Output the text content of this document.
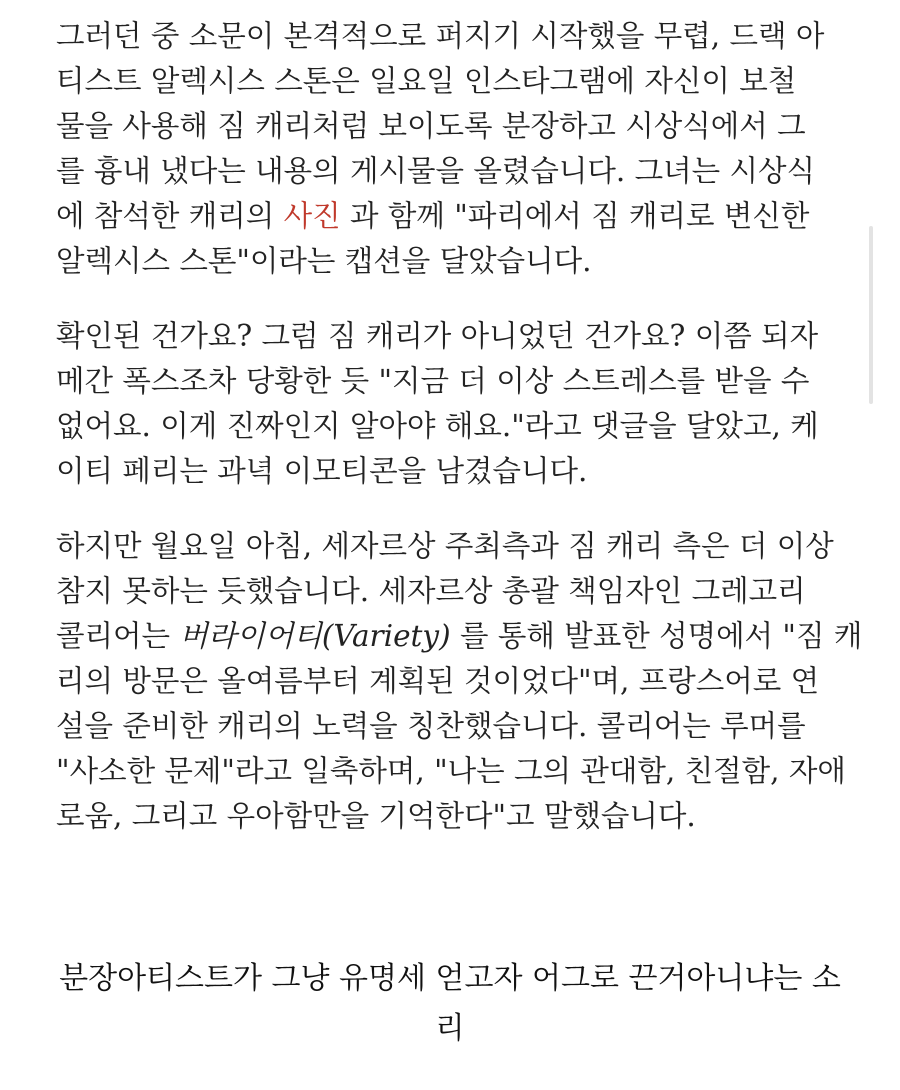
그러던 중 소문이 본격적으로 퍼지기 시작했을 무렵, 드랙 아
티스트 알렉시스 스톤은 일요일 인스타그램에 자신이 보철
물을 사용해 짐 캐리처럼 보이도록 분장하고 시상식에서 그
를 흉내 냈다는 내용의 게시물을 올렸습니다. 그녀는 시상식
에 참석한 캐리의 사진 과 함께 "파리에서 짐 캐리로 변신한
알렉시스 스톤"이라는 캡션을 달았습니다.

확인된 건가요? 그럼 짐 캐리가 아니었던 건가요? 이쯤 되자
메간 폭스조차 당황한 듯 "지금 더 이상 스트레스를 받을 수
없어요. 이게 진짜인지 알아야 해요."라고 댓글을 달았고, 케
이티 페리는 과녁 이모티콘을 남겼습니다.

하지만 월요일 아침, 세자르상 주최측과 짐 캐리 측은 더 이상
참지 못하는 듯했습니다. 세자르상 총괄 책임자인 그레고리
콜리어는 버라이어티(Variety) 를 통해 발표한 성명에서 "짐 캐
리의 방문은 올여름부터 계획된 것이었다"며, 프랑스어로 연
설을 준비한 캐리의 노력을 칭찬했습니다. 콜리어는 루머를
"사소한 문제"라고 일축하며, "나는 그의 관대함, 친절함, 자애
로움, 그리고 우아함만을 기억한다"고 말했습니다.

분장아티스트가 그냥 유명세 얻고자 어그로 끈거아니냐는 소
리
